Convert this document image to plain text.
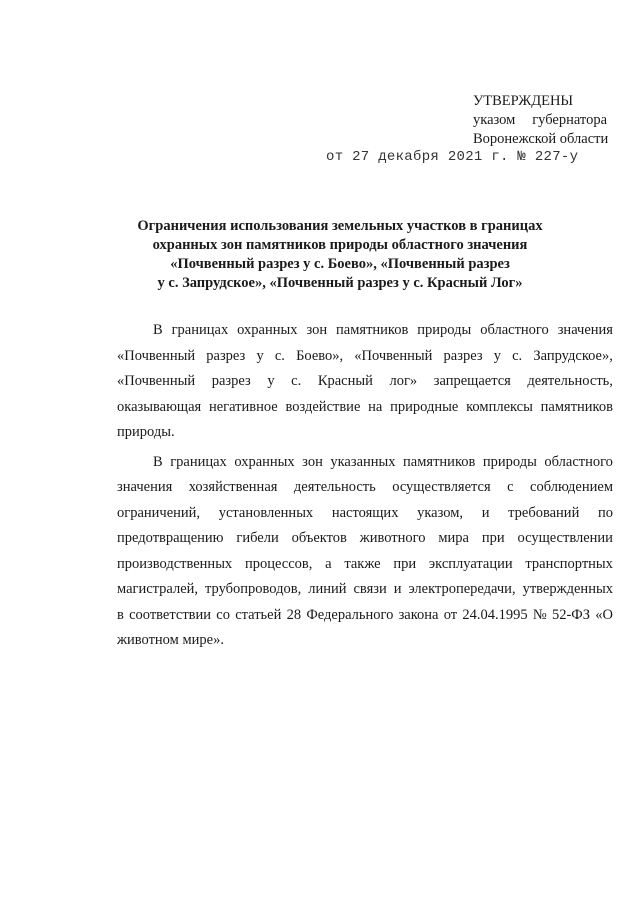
УТВЕРЖДЕНЫ
указом губернатора
Воронежской области
от 27 декабря 2021 г. № 227-у
Ограничения использования земельных участков в границах
охранных зон памятников природы областного значения
«Почвенный разрез у с. Боево», «Почвенный разрез
у с. Запрудское», «Почвенный разрез у с. Красный Лог»
В границах охранных зон памятников природы областного значения
«Почвенный разрез у с. Боево», «Почвенный разрез у с. Запрудское»,
«Почвенный разрез у с. Красный лог» запрещается деятельность,
оказывающая негативное воздействие на природные комплексы памятников
природы.
В границах охранных зон указанных памятников природы областного
значения хозяйственная деятельность осуществляется с соблюдением
ограничений, установленных настоящих указом, и требований по
предотвращению гибели объектов животного мира при осуществлении
производственных процессов, а также при эксплуатации транспортных
магистралей, трубопроводов, линий связи и электропередачи, утвержденных
в соответствии со статьей 28 Федерального закона от 24.04.1995 № 52-ФЗ «О
животном мире».
